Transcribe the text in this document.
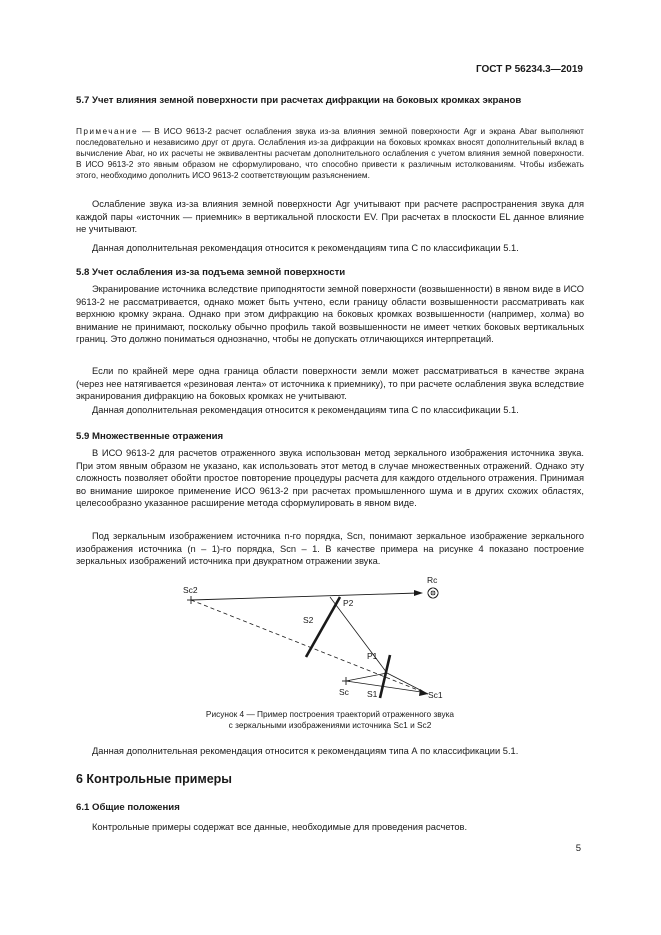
ГОСТ Р 56234.3—2019
5.7 Учет влияния земной поверхности при расчетах дифракции на боковых кромках экранов
Примечание — В ИСО 9613-2 расчет ослабления звука из-за влияния земной поверхности Agr и экрана Abar выполняют последовательно и независимо друг от друга. Ослабления из-за дифракции на боковых кромках вносят дополнительный вклад в вычисление Abar, но их расчеты не эквивалентны расчетам дополнительного ослабления с учетом влияния земной поверхности. В ИСО 9613-2 это явным образом не сформулировано, что способно привести к различным истолкованиям. Чтобы избежать этого, необходимо дополнить ИСО 9613-2 соответствующим разъяснением.
Ослабление звука из-за влияния земной поверхности Agr учитывают при расчете распространения звука для каждой пары «источник — приемник» в вертикальной плоскости EV. При расчетах в плоскости EL данное влияние не учитывают.
Данная дополнительная рекомендация относится к рекомендациям типа С по классификации 5.1.
5.8 Учет ослабления из-за подъема земной поверхности
Экранирование источника вследствие приподнятости земной поверхности (возвышенности) в явном виде в ИСО 9613-2 не рассматривается, однако может быть учтено, если границу области возвышенности рассматривать как верхнюю кромку экрана. Однако при этом дифракцию на боковых кромках возвышенности (например, холма) во внимание не принимают, поскольку обычно профиль такой возвышенности не имеет четких боковых вертикальных границ. Это должно пониматься однозначно, чтобы не допускать отличающихся интерпретаций.
Если по крайней мере одна граница области поверхности земли может рассматриваться в качестве экрана (через нее натягивается «резиновая лента» от источника к приемнику), то при расчете ослабления звука вследствие экранирования дифракцию на боковых кромках не учитывают.
Данная дополнительная рекомендация относится к рекомендациям типа С по классификации 5.1.
5.9 Множественные отражения
В ИСО 9613-2 для расчетов отраженного звука использован метод зеркального изображения источника звука. При этом явным образом не указано, как использовать этот метод в случае множественных отражений. Однако эту сложность позволяет обойти простое повторение процедуры расчета для каждого отдельного отражения. Принимая во внимание широкое применение ИСО 9613-2 при расчетах промышленного шума и в других схожих областях, целесообразно указанное расширение метода сформулировать в явном виде.
Под зеркальным изображением источника n-го порядка, Scn, понимают зеркальное изображение зеркального изображения источника (n – 1)-го порядка, Scn – 1. В качестве примера на рисунке 4 показано построение зеркальных изображений источника при двукратном отражении звука.
Sc2
Rc
P2
S2
P1
Sc S1	Sc1
Рисунок 4 — Пример построения траекторий отраженного звука
с зеркальными изображениями источника Sc1 и Sc2
Данная дополнительная рекомендация относится к рекомендациям типа А по классификации 5.1.
6 Контрольные примеры
6.1 Общие положения
Контрольные примеры содержат все данные, необходимые для проведения расчетов.
5
